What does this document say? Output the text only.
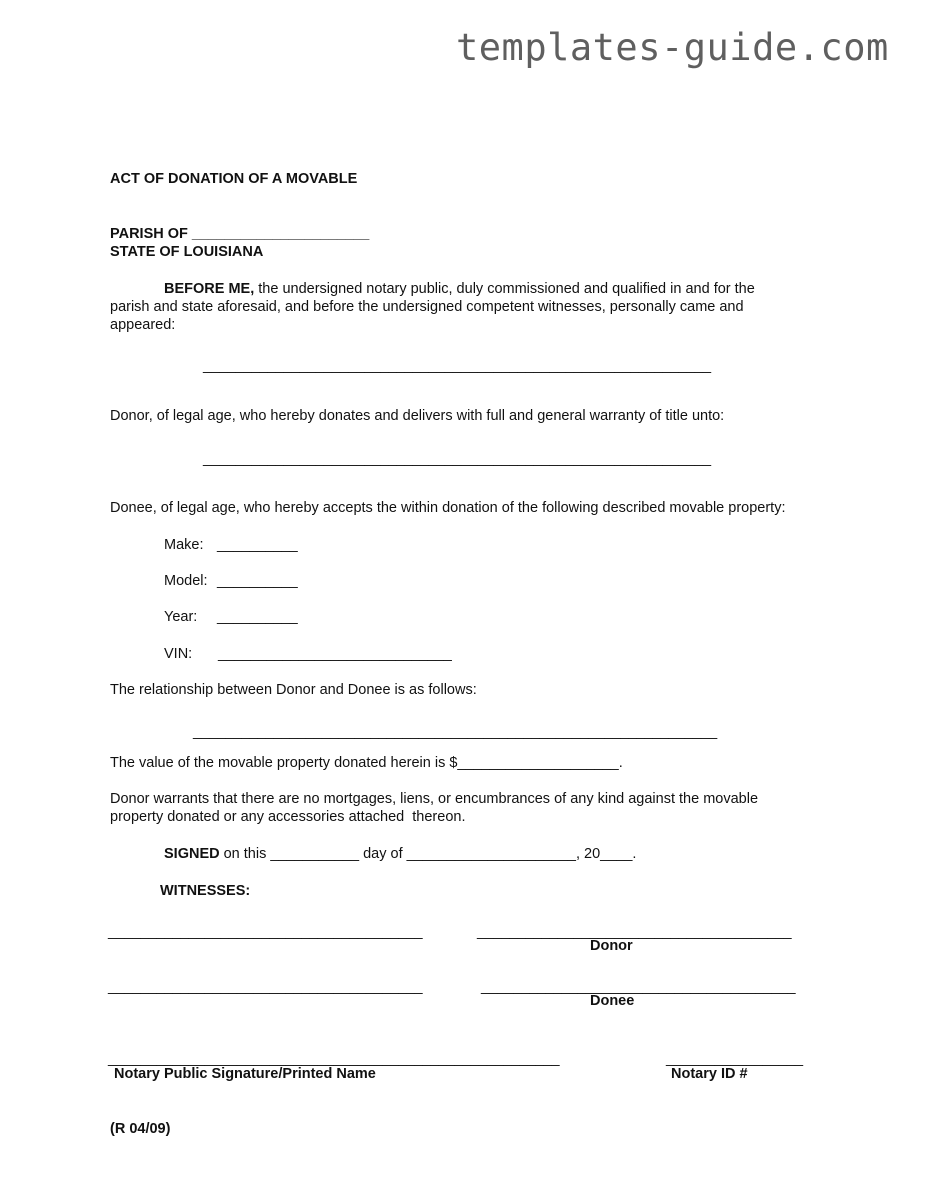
templates-guide.com
ACT OF DONATION OF A MOVABLE
PARISH OF ______________________
STATE OF LOUISIANA
BEFORE ME, the undersigned notary public, duly commissioned and qualified in and for the
parish and state aforesaid, and before the undersigned competent witnesses, personally came and
appeared:
_______________________________________________________________
Donor, of legal age, who hereby donates and delivers with full and general warranty of title unto:
_______________________________________________________________
Donee, of legal age, who hereby accepts the within donation of the following described movable property:
Make: __________
Model: __________
Year: __________
VIN: _____________________________
The relationship between Donor and Donee is as follows:
_________________________________________________________________
The value of the movable property donated herein is $____________________.
Donor warrants that there are no mortgages, liens, or encumbrances of any kind against the movable
property donated or any accessories attached  thereon.
SIGNED on this ___________ day of _____________________, 20____.
WITNESSES:
_______________________________________	_______________________________________
Donor
_______________________________________	_______________________________________
Donee
________________________________________________________	_________________
Notary Public Signature/Printed Name	Notary ID #
(R 04/09)
